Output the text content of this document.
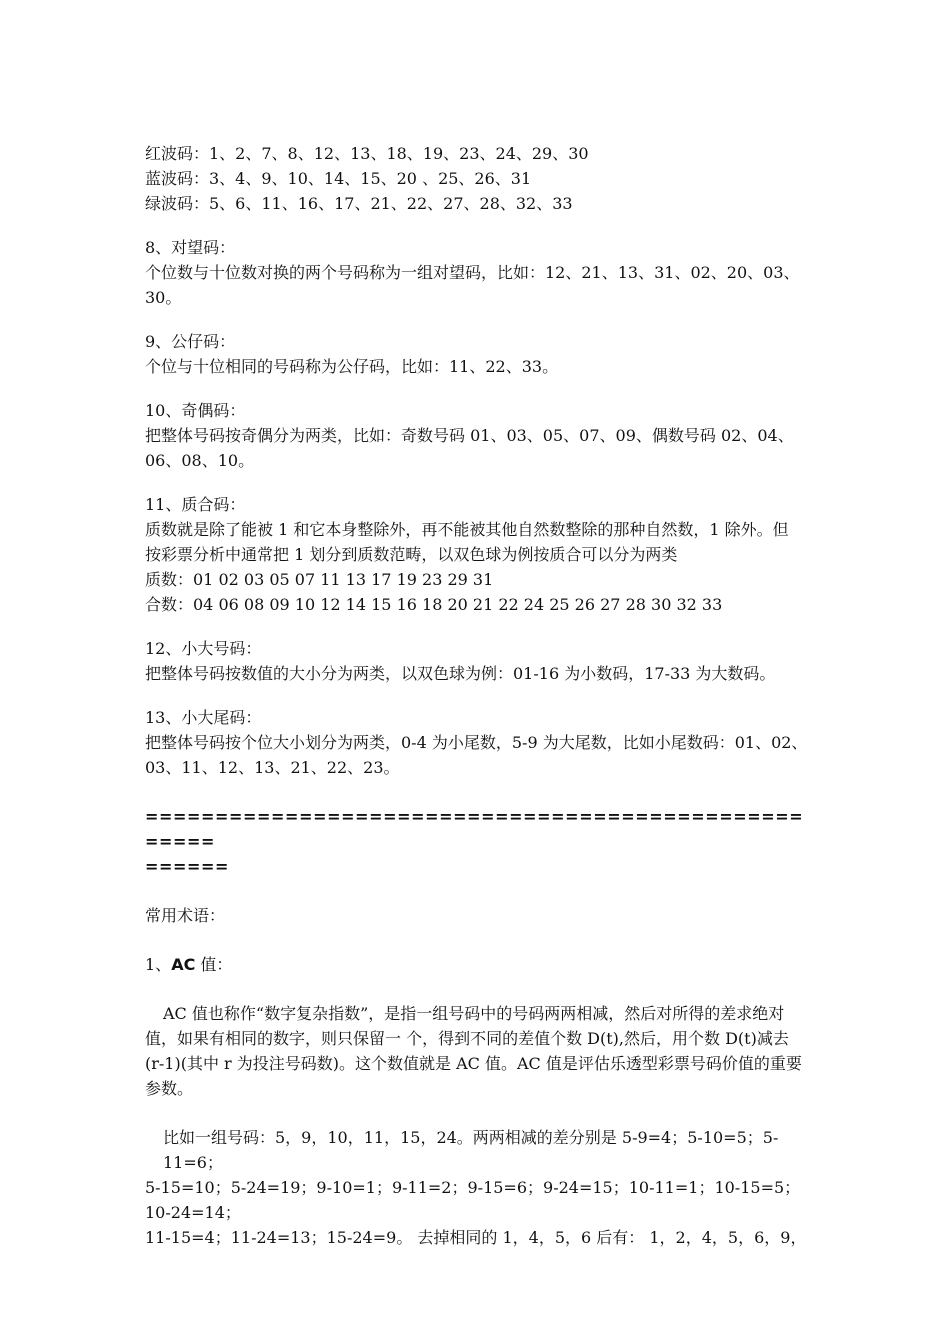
红波码：1、2、7、8、12、13、18、19、23、24、29、30

蓝波码：3、4、9、10、14、15、20 、25、26、31

绿波码：5、6、11、16、17、21、22、27、28、32、33

8、对望码：

个位数与十位数对换的两个号码称为一组对望码，比如：12、21、13、31、02、20、03、

30。

9、公仔码：

个位与十位相同的号码称为公仔码，比如：11、22、33。

10、奇偶码：

把整体号码按奇偶分为两类，比如：奇数号码 01、03、05、07、09、偶数号码 02、04、

06、08、10。

11、质合码：

质数就是除了能被 1 和它本身整除外，再不能被其他自然数整除的那种自然数，1 除外。但

按彩票分析中通常把 1 划分到质数范畴，以双色球为例按质合可以分为两类

质数：01 02 03 05 07 11 13 17 19 23 29 31

合数：04 06 08 09 10 12 14 15 16 18 20 21 22 24 25 26 27 28 30 32 33

12、小大号码：

把整体号码按数值的大小分为两类，以双色球为例：01-16 为小数码，17-33 为大数码。

13、小大尾码：

把整体号码按个位大小划分为两类，0-4 为小尾数，5-9 为大尾数，比如小尾数码：01、02、

03、11、12、13、21、22、23。

====================================================

======

常用术语：

1、AC 值：

AC 值也称作“数字复杂指数”，是指一组号码中的号码两两相减，然后对所得的差求绝对

值，如果有相同的数字，则只保留一 个，得到不同的差值个数 D(t),然后，用个数 D(t)减去

(r-1)(其中 r 为投注号码数)。这个数值就是 AC 值。AC 值是评估乐透型彩票号码价值的重要

参数。

比如一组号码：5，9，10，11，15，24。两两相减的差分别是 5-9=4；5-10=5；5-11=6；

5-15=10；5-24=19；9-10=1；9-11=2；9-15=6；9-24=15；10-11=1；10-15=5；10-24=14；

11-15=4；11-24=13；15-24=9。 去掉相同的 1，4，5，6 后有： 1，2，4，5，6，9，
